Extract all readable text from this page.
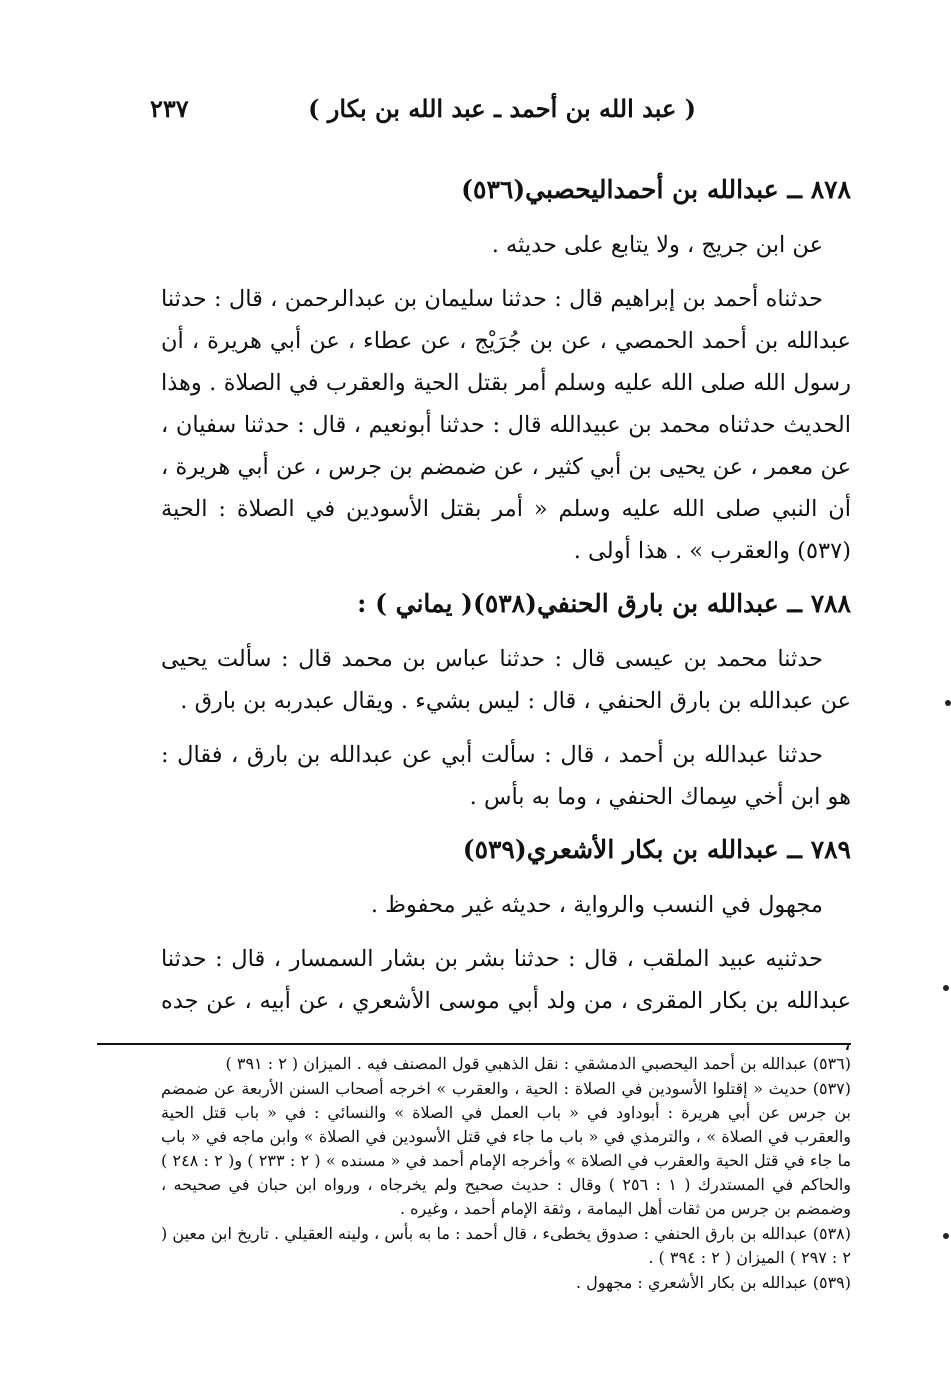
( عبد الله بن أحمد ـ عبد الله بن بكار )
٢٣٧
٨٧٨ ــ عبدالله بن أحمداليحصبي(٥٣٦)

عن ابن جريج ، ولا يتابع على حديثه .

حدثناه أحمد بن إبراهيم قال : حدثنا سليمان بن عبدالرحمن ، قال : حدثنا عبدالله بن أحمد الحمصي ، عن بن جُرَيْج ، عن عطاء ، عن أبي هريرة ، أن رسول الله صلى الله عليه وسلم أمر بقتل الحية والعقرب في الصلاة . وهذا الحديث حدثناه محمد بن عبيدالله قال : حدثنا أبونعيم ، قال : حدثنا سفيان ، عن معمر ، عن يحيى بن أبي كثير ، عن ضمضم بن جرس ، عن أبي هريرة ، أن النبي صلى الله عليه وسلم « أمر بقتل الأسودين في الصلاة : الحية (٥٣٧) والعقرب » . هذا أولى .

٧٨٨ ــ عبدالله بن بارق الحنفي(٥٣٨)( يماني ) :

حدثنا محمد بن عيسى قال : حدثنا عباس بن محمد قال : سألت يحيى عن عبدالله بن بارق الحنفي ، قال : ليس بشيء . ويقال عبدربه بن بارق .

حدثنا عبدالله بن أحمد ، قال : سألت أبي عن عبدالله بن بارق ، فقال : هو ابن أخي سِماك الحنفي ، وما به بأس .

٧٨٩ ــ عبدالله بن بكار الأشعري(٥٣٩)

مجهول في النسب والرواية ، حديثه غير محفوظ .

حدثنيه عبيد الملقب ، قال : حدثنا بشر بن بشار السمسار ، قال : حدثنا عبدالله بن بكار المقرى ، من ولد أبي موسى الأشعري ، عن أبيه ، عن جده ،

(٥٣٦) عبدالله بن أحمد اليحصبي الدمشقي : نقل الذهبي قول المصنف فيه . الميزان ( ٢ : ٣٩١ )

(٥٣٧) حديث « إقتلوا الأسودين في الصلاة : الحية ، والعقرب » اخرجه أصحاب السنن الأربعة عن ضمضم بن جرس عن أبي هريرة : أبوداود في « باب العمل في الصلاة » والنسائي : في « باب قتل الحية والعقرب في الصلاة » ، والترمذي في « باب ما جاء في قتل الأسودين في الصلاة » وابن ماجه في « باب ما جاء في قتل الحية والعقرب في الصلاة » وأخرجه الإمام أحمد في « مسنده » ( ٢ : ٢٣٣ ) و( ٢ : ٢٤٨ ) والحاكم في المستدرك ( ١ : ٢٥٦ ) وقال : حديث صحيح ولم يخرجاه ، ورواه ابن حبان في صحيحه ، وضمضم بن جرس من ثقات أهل اليمامة ، وثقة الإمام أحمد ، وغيره .

(٥٣٨) عبدالله بن بارق الحنفي : صدوق يخطىء ، قال أحمد : ما به بأس ، ولينه العقيلي . تاريخ ابن معين ( ٢ : ٢٩٧ ) الميزان ( ٢ : ٣٩٤ ) .

(٥٣٩) عبدالله بن بكار الأشعري : مجهول .
